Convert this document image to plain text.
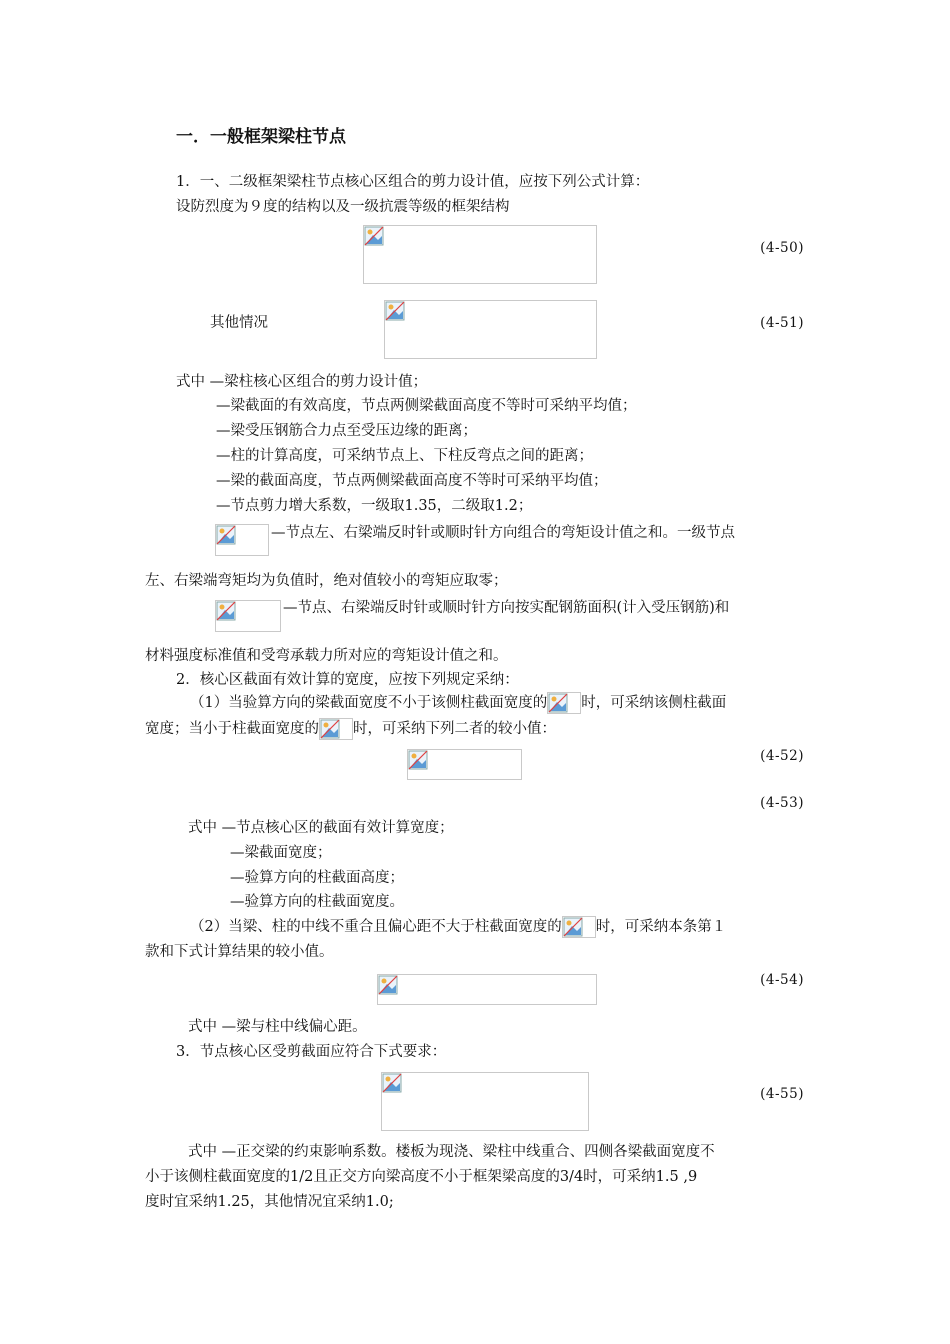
一．一般框架梁柱节点
1．一、二级框架梁柱节点核心区组合的剪力设计值，应按下列公式计算：
设防烈度为９度的结构以及一级抗震等级的框架结构
(4-50)
其他情况	(4-51)
式中 —梁柱核心区组合的剪力设计值；
—梁截面的有效高度，节点两侧梁截面高度不等时可采纳平均值；
—梁受压钢筋合力点至受压边缘的距离；
—柱的计算高度，可采纳节点上、下柱反弯点之间的距离；
—梁的截面高度，节点两侧梁截面高度不等时可采纳平均值；
—节点剪力增大系数，一级取1.35，二级取1.2；
—节点左、右梁端反时针或顺时针方向组合的弯矩设计值之和。一级节点
左、右梁端弯矩均为负值时，绝对值较小的弯矩应取零；
—节点、右梁端反时针或顺时针方向按实配钢筋面积(计入受压钢筋)和
材料强度标准值和受弯承载力所对应的弯矩设计值之和。
2．核心区截面有效计算的宽度，应按下列规定采纳：
（1）当验算方向的梁截面宽度不小于该侧柱截面宽度的 时，可采纳该侧柱截面
宽度；当小于柱截面宽度的 时，可采纳下列二者的较小值：
(4-52)
(4-53)
式中 —节点核心区的截面有效计算宽度；
—梁截面宽度；
—验算方向的柱截面高度；
—验算方向的柱截面宽度。
（2）当梁、柱的中线不重合且偏心距不大于柱截面宽度的 时，可采纳本条第１
款和下式计算结果的较小值。
(4-54)
式中 —梁与柱中线偏心距。
3．节点核心区受剪截面应符合下式要求：
(4-55)
式中 —正交梁的约束影响系数。楼板为现浇、梁柱中线重合、四侧各梁截面宽度不
小于该侧柱截面宽度的1/2且正交方向梁高度不小于框架梁高度的3/4时，可采纳1.5 ,9
度时宜采纳1.25，其他情况宜采纳1.0;
